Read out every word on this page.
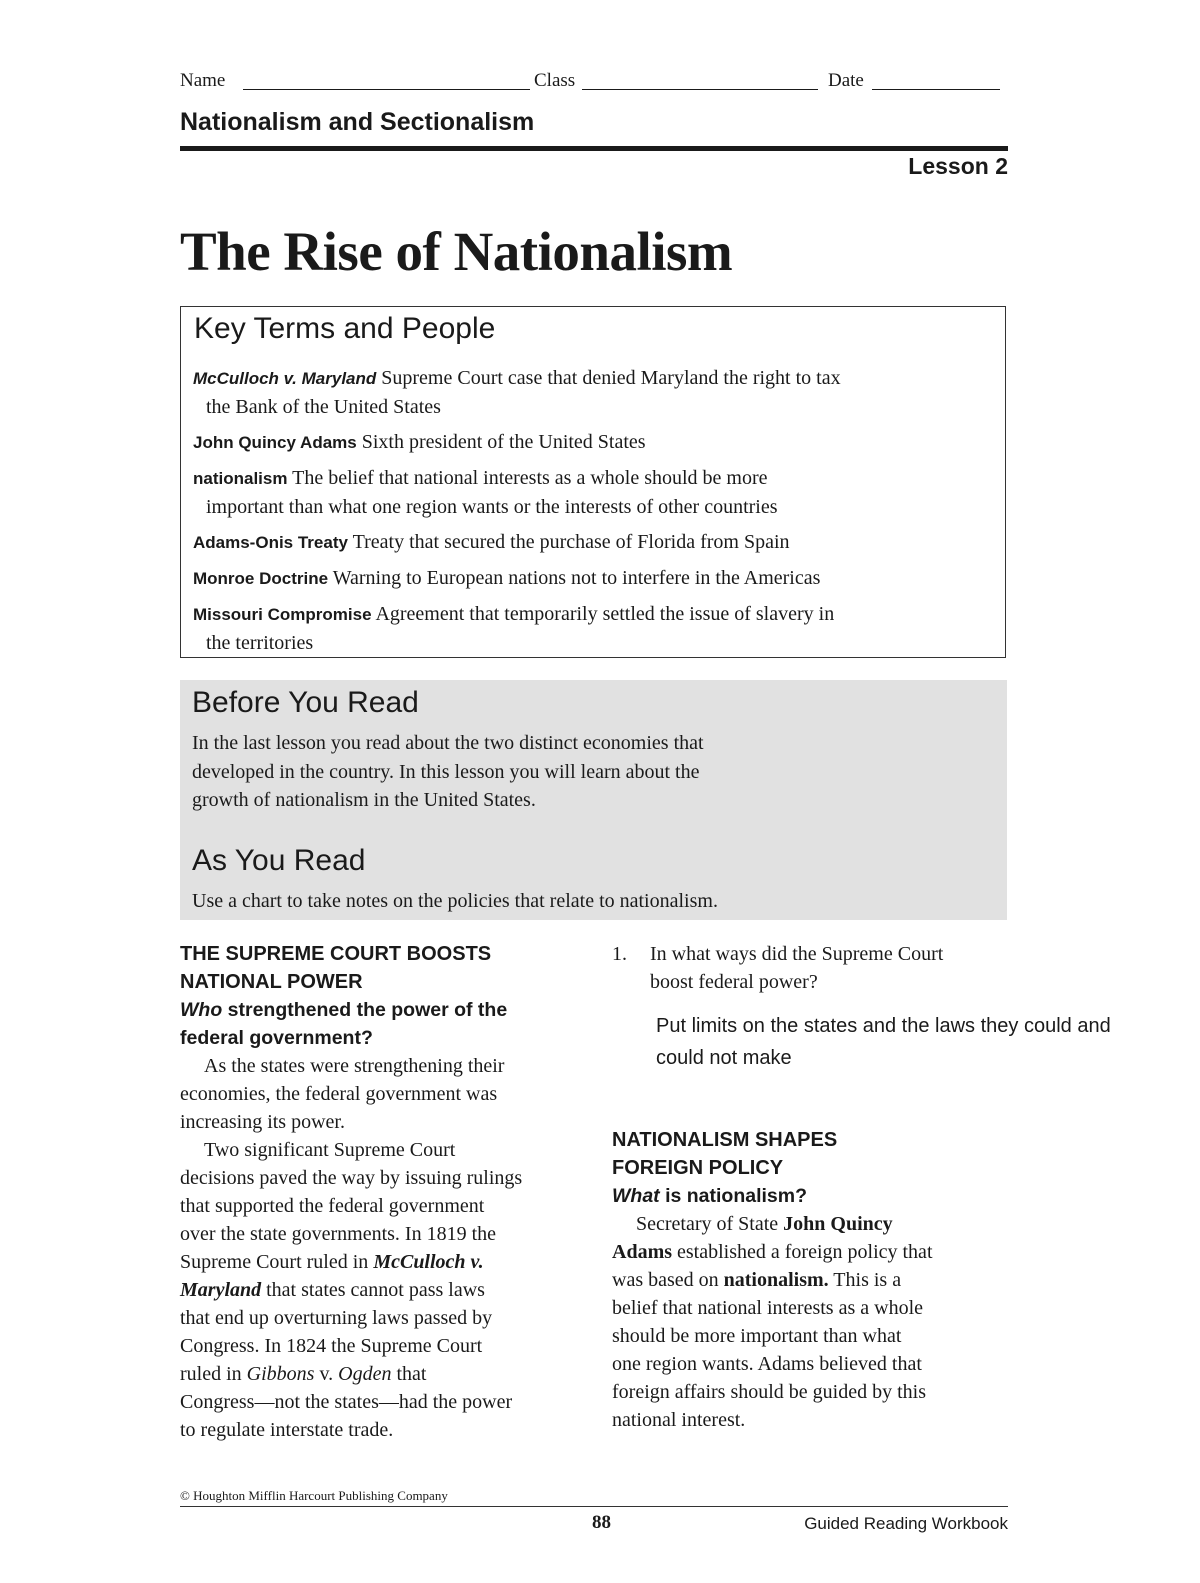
Name	Class	Date
Nationalism and Sectionalism
Lesson 2
The Rise of Nationalism
Key Terms and People
McCulloch v. Maryland Supreme Court case that denied Maryland the right to tax
the Bank of the United States
John Quincy Adams Sixth president of the United States
nationalism The belief that national interests as a whole should be more
important than what one region wants or the interests of other countries
Adams-Onis Treaty Treaty that secured the purchase of Florida from Spain
Monroe Doctrine Warning to European nations not to interfere in the Americas
Missouri Compromise Agreement that temporarily settled the issue of slavery in
the territories
Before You Read
In the last lesson you read about the two distinct economies that
developed in the country. In this lesson you will learn about the
growth of nationalism in the United States.
As You Read
Use a chart to take notes on the policies that relate to nationalism.
THE SUPREME COURT BOOSTS
NATIONAL POWER
Who strengthened the power of the
federal government?
As the states were strengthening their
economies, the federal government was
increasing its power.
Two significant Supreme Court
decisions paved the way by issuing rulings
that supported the federal government
over the state governments. In 1819 the
Supreme Court ruled in McCulloch v.
Maryland that states cannot pass laws
that end up overturning laws passed by
Congress. In 1824 the Supreme Court
ruled in Gibbons v. Ogden that
Congress—not the states—had the power
to regulate interstate trade.
1. In what ways did the Supreme Court
boost federal power?
Put limits on the states and the laws they could and
could not make
NATIONALISM SHAPES
FOREIGN POLICY
What is nationalism?
Secretary of State John Quincy
Adams established a foreign policy that
was based on nationalism. This is a
belief that national interests as a whole
should be more important than what
one region wants. Adams believed that
foreign affairs should be guided by this
national interest.
© Houghton Mifflin Harcourt Publishing Company
88	Guided Reading Workbook
